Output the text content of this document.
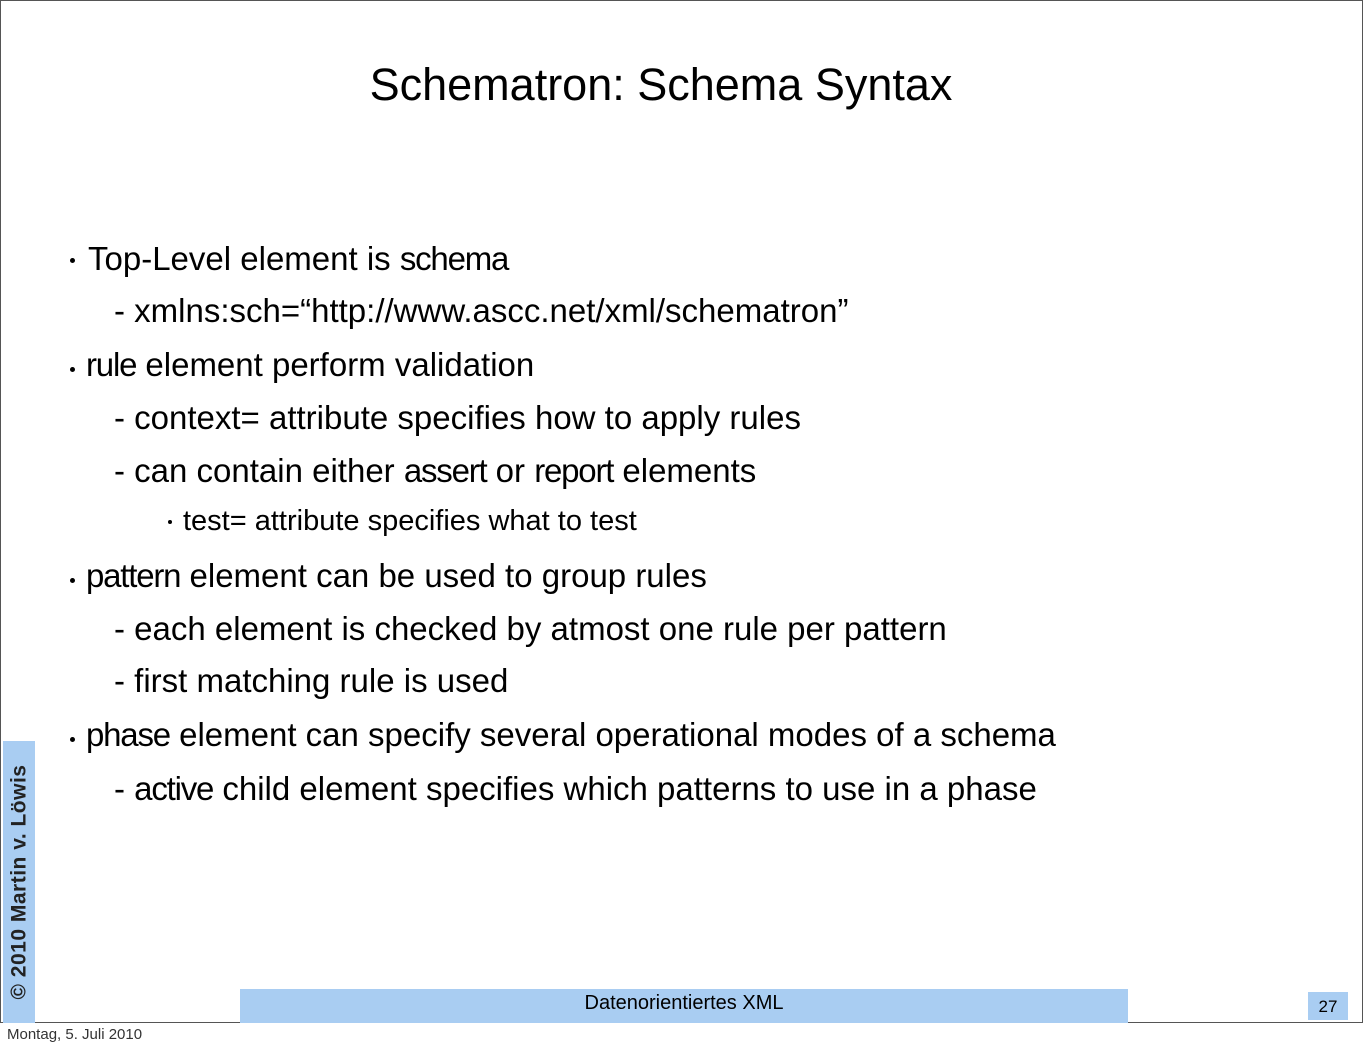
Schematron: Schema Syntax
Top-Level element is schema
- xmlns:sch=“http://www.ascc.net/xml/schematron”
rule element perform validation
- context= attribute specifies how to apply rules
- can contain either assert or report elements
test= attribute specifies what to test
pattern element can be used to group rules
- each element is checked by atmost one rule per pattern
- first matching rule is used
phase element can specify several operational modes of a schema
- active child element specifies which patterns to use in a phase
© 2010 Martin v. Löwis
Datenorientiertes XML	27
Montag, 5. Juli 2010
